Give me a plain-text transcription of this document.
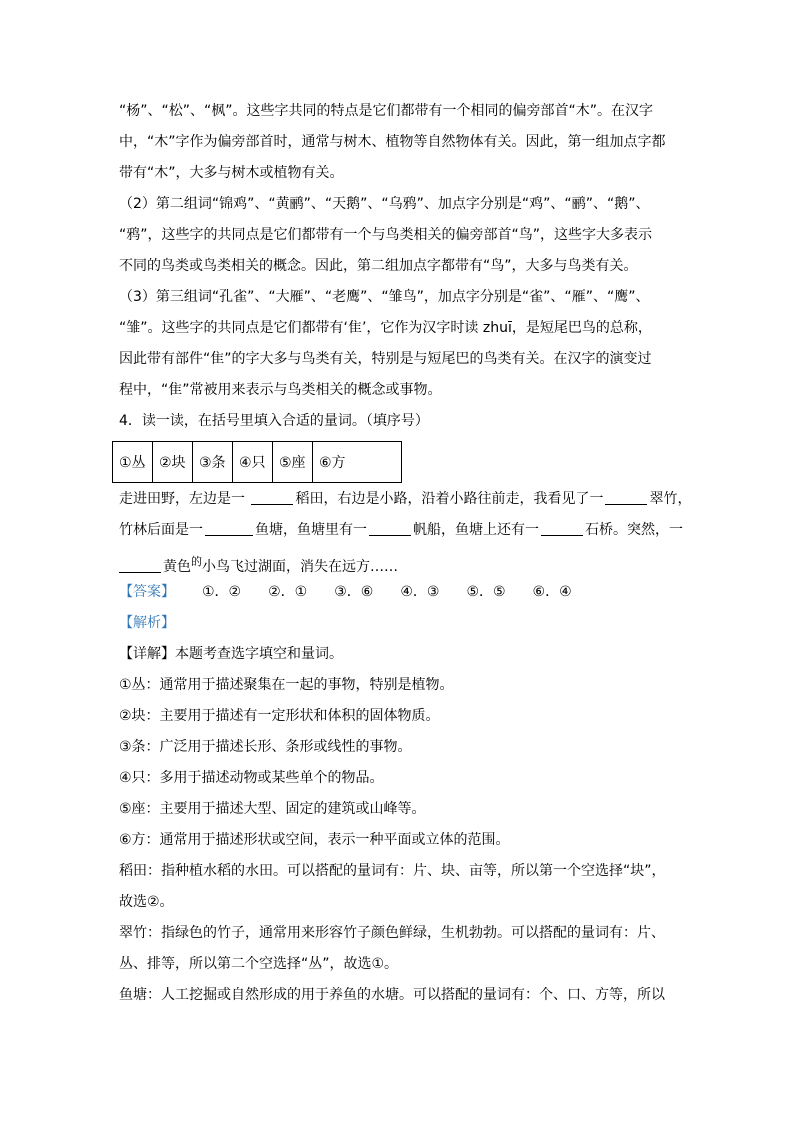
“杨”、“松”、“枫”。这些字共同的特点是它们都带有一个相同的偏旁部首“木”。在汉字
中，“木”字作为偏旁部首时，通常与树木、植物等自然物体有关。因此，第一组加点字都
带有“木”，大多与树木或植物有关。
（2）第二组词“锦鸡”、“黄鹂”、“天鹅”、“乌鸦”、加点字分别是“鸡”、“鹂”、“鹅”、
“鸦”，这些字的共同点是它们都带有一个与鸟类相关的偏旁部首“鸟”，这些字大多表示
不同的鸟类或鸟类相关的概念。因此，第二组加点字都带有“鸟”，大多与鸟类有关。
（3）第三组词“孔雀”、“大雁”、“老鹰”、“雏鸟”，加点字分别是“雀”、“雁”、“鹰”、
“雏”。这些字的共同点是它们都带有‘隹’，它作为汉字时读 zhuī，是短尾巴鸟的总称，
因此带有部件“隹”的字大多与鸟类有关，特别是与短尾巴的鸟类有关。在汉字的演变过
程中，“隹”常被用来表示与鸟类相关的概念或事物。
4．读一读，在括号里填入合适的量词。（填序号）
①丛	②块	③条	④只	⑤座	⑥方
走进田野，左边是一	稻田，右边是小路，沿着小路往前走，我看见了一	翠竹，
竹林后面是一	鱼塘，鱼塘里有一	帆船，鱼塘上还有一	石桥。突然，一
黄色$^的$小鸟飞过湖面，消失在远方……
【答案】 ①．② ②．① ③．⑥ ④．③ ⑤．⑤ ⑥．④
【解析】
【详解】本题考查选字填空和量词。
①丛：通常用于描述聚集在一起的事物，特别是植物。
②块：主要用于描述有一定形状和体积的固体物质。
③条：广泛用于描述长形、条形或线性的事物。
④只：多用于描述动物或某些单个的物品。
⑤座：主要用于描述大型、固定的建筑或山峰等。
⑥方：通常用于描述形状或空间，表示一种平面或立体的范围。
稻田：指种植水稻的水田。可以搭配的量词有：片、块、亩等，所以第一个空选择“块”，
故选②。
翠竹：指绿色的竹子，通常用来形容竹子颜色鲜绿，生机勃勃。可以搭配的量词有：片、
丛、排等，所以第二个空选择“丛”，故选①。
鱼塘：人工挖掘或自然形成的用于养鱼的水塘。可以搭配的量词有：个、口、方等，所以
